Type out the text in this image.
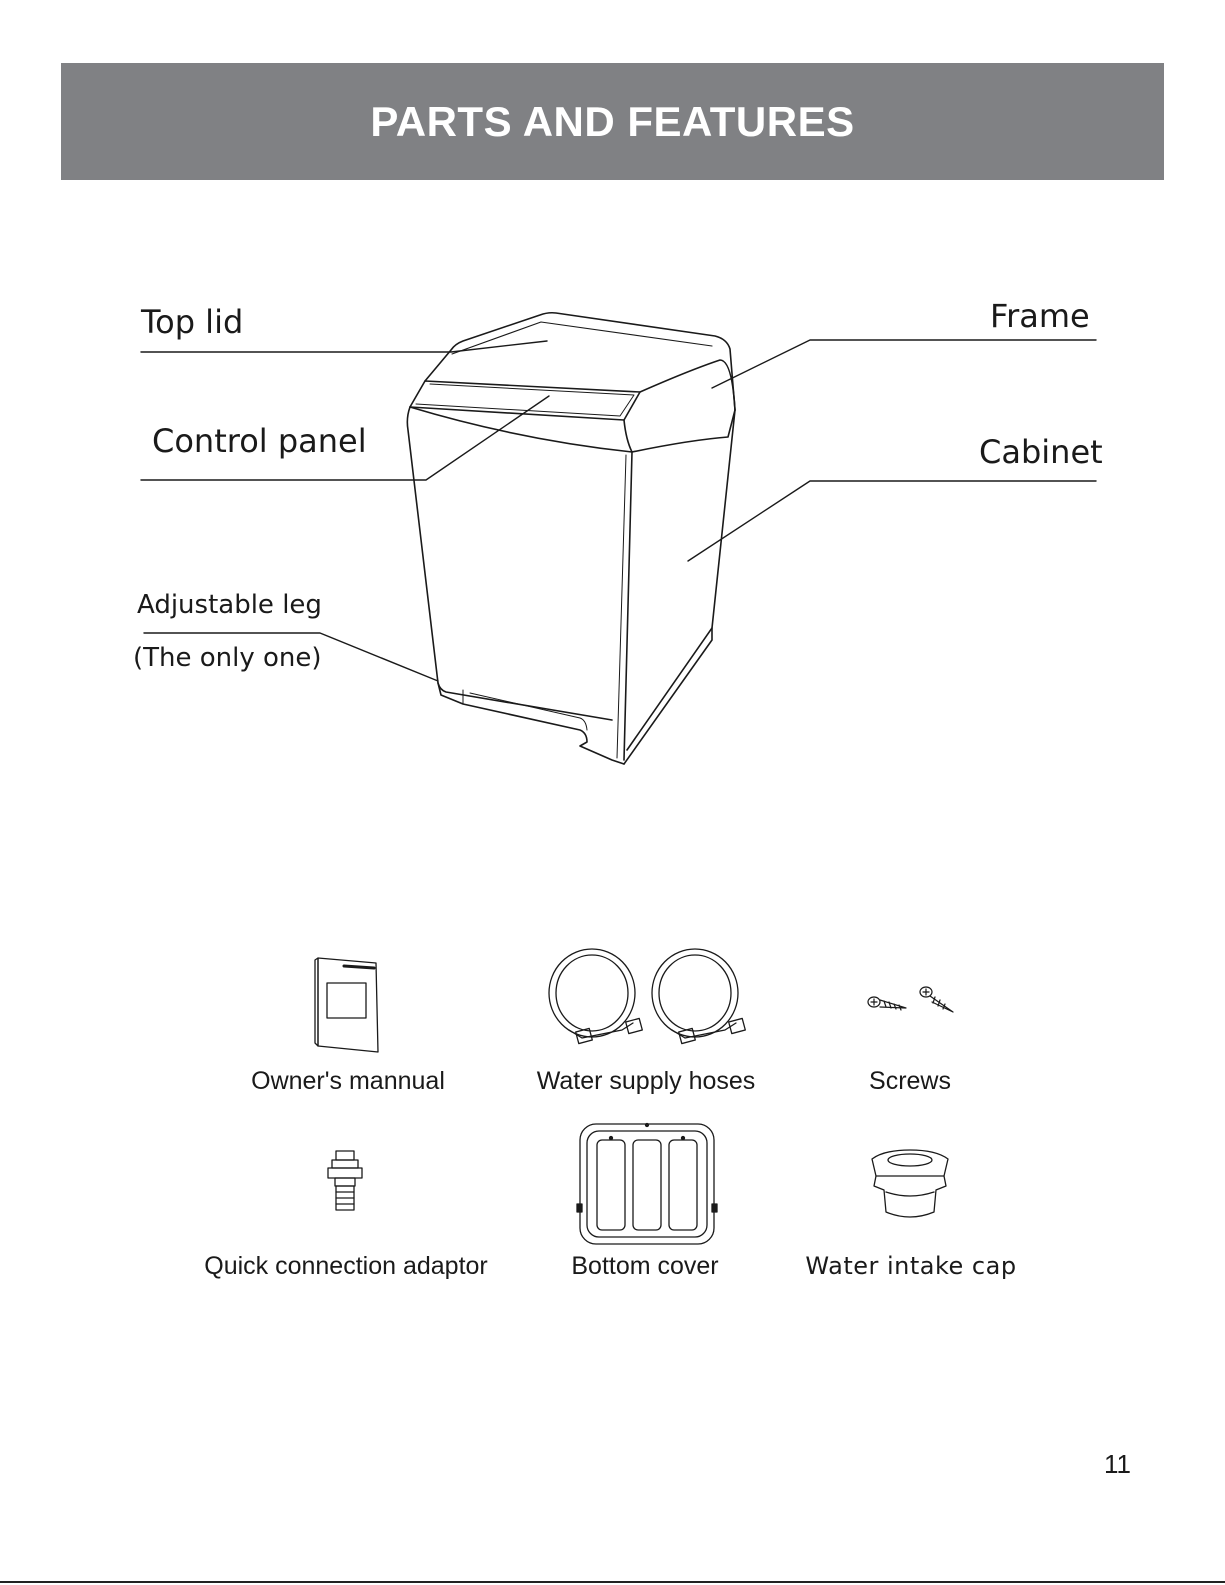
PARTS AND FEATURES
Top lid
Control panel
Adjustable leg
(The only one)
Frame
Cabinet
Owner's mannual	Water supply hoses	Screws
Quick connection adaptor	Bottom cover	Water intake cap
11
